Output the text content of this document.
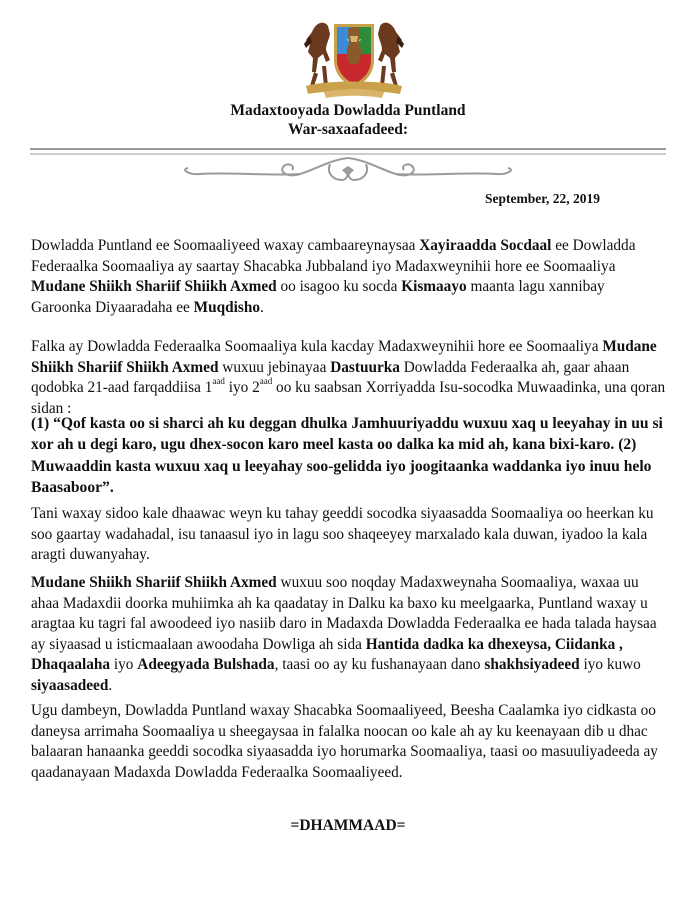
Madaxtooyada Dowladda Puntland
War-saxaafadeed:
September, 22, 2019
Dowladda Puntland ee Soomaaliyeed waxay cambaareynaysaa Xayiraadda Socdaal ee Dowladda Federaalka Soomaaliya ay saartay Shacabka Jubbaland iyo Madaxweynihii hore ee Soomaaliya Mudane Shiikh Shariif Shiikh Axmed oo isagoo ku socda Kismaayo maanta lagu xannibay Garoonka Diyaaradaha ee Muqdisho.
Falka ay Dowladda Federaalka Soomaaliya kula kacday Madaxweynihii hore ee Soomaaliya Mudane Shiikh Shariif Shiikh Axmed wuxuu jebinayaa Dastuurka Dowladda Federaalka ah, gaar ahaan qodobka 21-aad farqaddiisa $1^{aad}$ iyo $2^{aad}$ oo ku saabsan Xorriyadda Isu-socodka Muwaadinka, una qoran sidan :
(1) “Qof kasta oo si sharci ah ku deggan dhulka Jamhuuriyaddu wuxuu xaq u leeyahay in uu si xor ah u degi karo, ugu dhex-socon karo meel kasta oo dalka ka mid ah, kana bixi-karo. (2) Muwaaddin kasta wuxuu xaq u leeyahay soo-gelidda iyo joogitaanka waddanka iyo inuu helo Baasaboor”.
Tani waxay sidoo kale dhaawac weyn ku tahay geeddi socodka siyaasadda Soomaaliya oo heerkan ku soo gaartay wadahadal, isu tanaasul iyo in lagu soo shaqeeyey marxalado kala duwan, iyadoo la kala aragti duwanyahay.
Mudane Shiikh Shariif Shiikh Axmed wuxuu soo noqday Madaxweynaha Soomaaliya, waxaa uu ahaa Madaxdii doorka muhiimka ah ka qaadatay in Dalku ka baxo ku meelgaarka, Puntland waxay u aragtaa ku tagri fal awoodeed iyo nasiib daro in Madaxda Dowladda Federaalka ee hada talada haysaa ay siyaasad u isticmaalaan awoodaha Dowliga ah sida Hantida dadka ka dhexeysa, Ciidanka , Dhaqaalaha iyo Adeegyada Bulshada, taasi oo ay ku fushanayaan dano shakhsiyadeed iyo kuwo siyaasadeed.
Ugu dambeyn, Dowladda Puntland waxay Shacabka Soomaaliyeed, Beesha Caalamka iyo cidkasta oo daneysa arrimaha Soomaaliya u sheegaysaa in falalka noocan oo kale ah ay ku keenayaan dib u dhac balaaran hanaanka geeddi socodka siyaasadda iyo horumarka Soomaaliya, taasi oo masuuliyadeeda ay qaadanayaan Madaxda Dowladda Federaalka Soomaaliyeed.
=DHAMMAAD=
